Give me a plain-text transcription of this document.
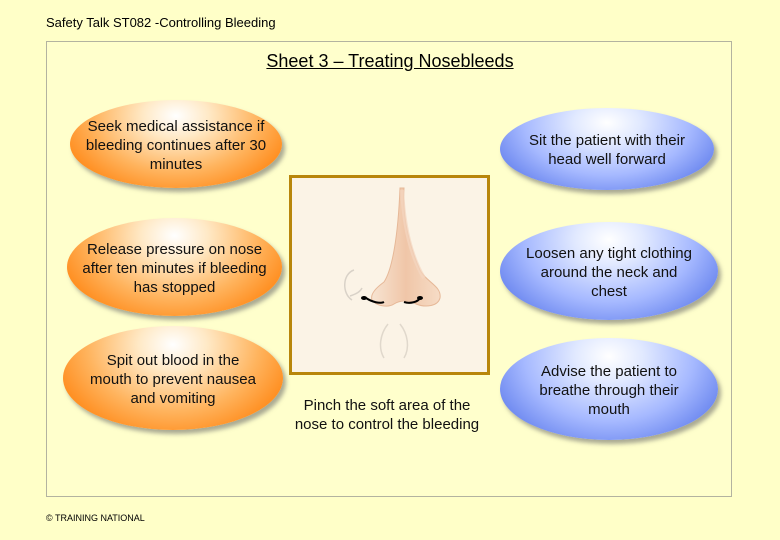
Safety Talk ST082 -Controlling Bleeding
Sheet 3 – Treating Nosebleeds
Seek medical assistance if bleeding continues after 30 minutes
Release pressure on nose after ten minutes if bleeding has stopped
Spit out blood in the mouth to prevent nausea and vomiting
Sit the patient with their head well forward
Loosen any tight clothing around the neck and chest
Advise the patient to breathe through their mouth
Pinch the soft area of the nose to control the bleeding
© TRAINING NATIONAL
